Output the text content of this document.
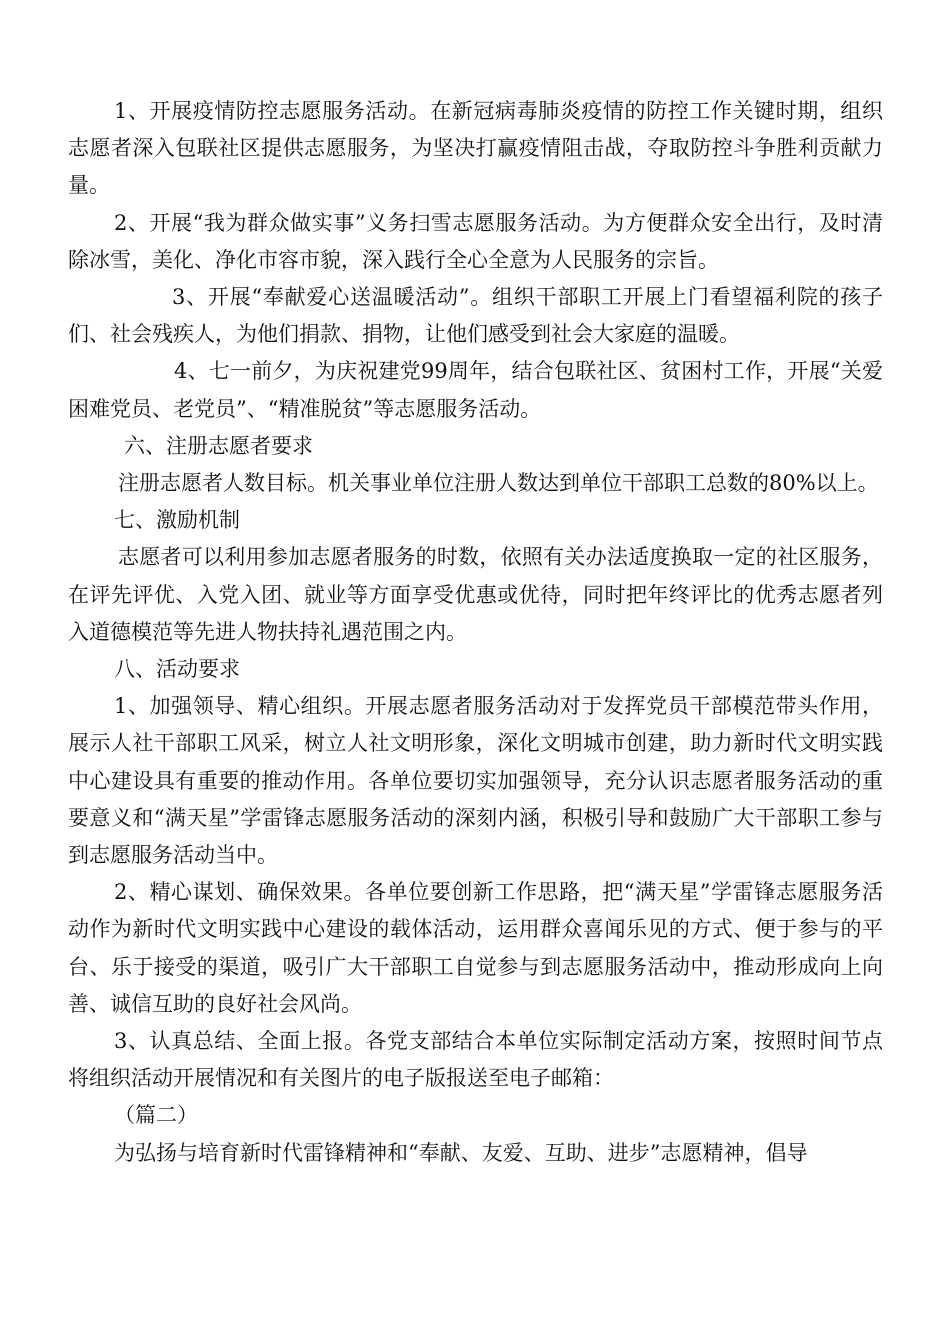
1、开展疫情防控志愿服务活动。在新冠病毒肺炎疫情的防控工作关键时期，组织志愿者深入包联社区提供志愿服务，为坚决打赢疫情阻击战，夺取防控斗争胜利贡献力量。

2、开展“我为群众做实事”义务扫雪志愿服务活动。为方便群众安全出行，及时清除冰雪，美化、净化市容市貌，深入践行全心全意为人民服务的宗旨。

3、开展“奉献爱心送温暖活动”。组织干部职工开展上门看望福利院的孩子们、社会残疾人，为他们捐款、捐物，让他们感受到社会大家庭的温暖。

4、七一前夕，为庆祝建党99周年，结合包联社区、贫困村工作，开展“关爱困难党员、老党员”、“精准脱贫”等志愿服务活动。

六、注册志愿者要求

注册志愿者人数目标。机关事业单位注册人数达到单位干部职工总数的80%以上。

七、激励机制

志愿者可以利用参加志愿者服务的时数，依照有关办法适度换取一定的社区服务，在评先评优、入党入团、就业等方面享受优惠或优待，同时把年终评比的优秀志愿者列入道德模范等先进人物扶持礼遇范围之内。

八、活动要求

1、加强领导、精心组织。开展志愿者服务活动对于发挥党员干部模范带头作用，展示人社干部职工风采，树立人社文明形象，深化文明城市创建，助力新时代文明实践中心建设具有重要的推动作用。各单位要切实加强领导，充分认识志愿者服务活动的重要意义和“满天星”学雷锋志愿服务活动的深刻内涵，积极引导和鼓励广大干部职工参与到志愿服务活动当中。

2、精心谋划、确保效果。各单位要创新工作思路，把“满天星”学雷锋志愿服务活动作为新时代文明实践中心建设的载体活动，运用群众喜闻乐见的方式、便于参与的平台、乐于接受的渠道，吸引广大干部职工自觉参与到志愿服务活动中，推动形成向上向善、诚信互助的良好社会风尚。

3、认真总结、全面上报。各党支部结合本单位实际制定活动方案，按照时间节点将组织活动开展情况和有关图片的电子版报送至电子邮箱：

（篇二）

为弘扬与培育新时代雷锋精神和“奉献、友爱、互助、进步”志愿精神，倡导
